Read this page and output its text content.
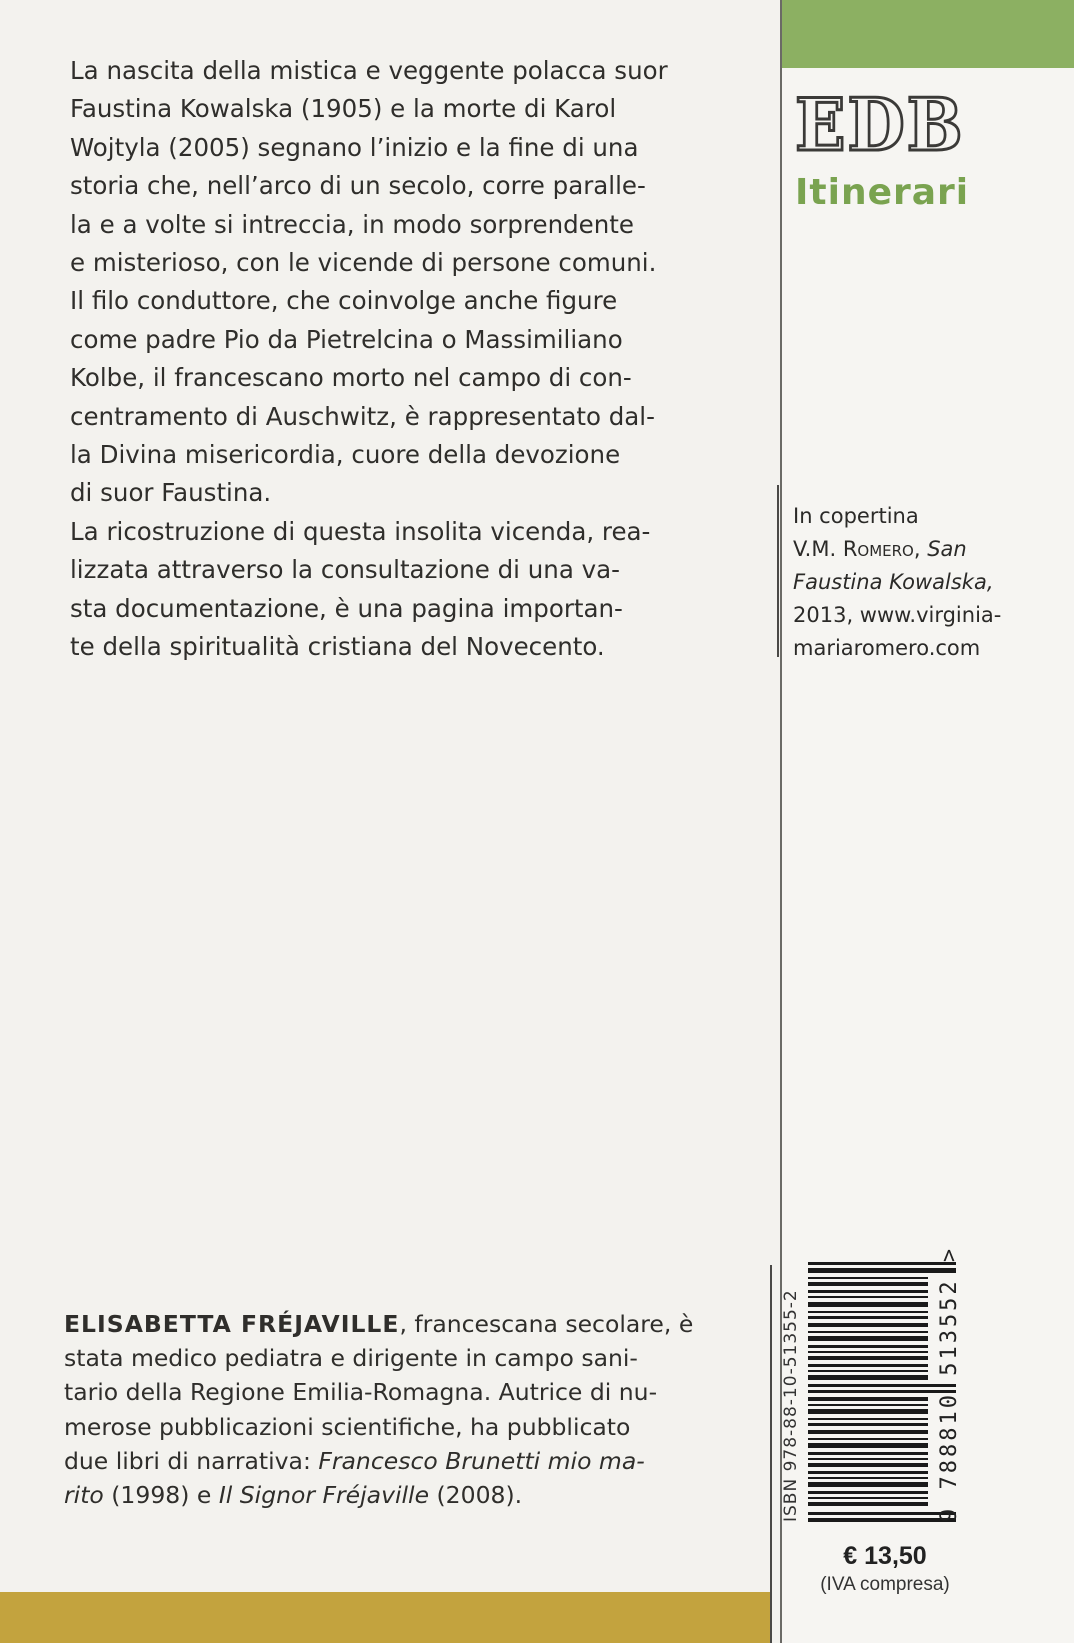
EDB
Itinerari
In copertina
V.M. Romero, San
Faustina Kowalska,
2013, www.virginia-
mariaromero.com
La nascita della mistica e veggente polacca suor
Faustina Kowalska (1905) e la morte di Karol
Wojtyla (2005) segnano l’inizio e la fine di una
storia che, nell’arco di un secolo, corre paralle-
la e a volte si intreccia, in modo sorprendente
e misterioso, con le vicende di persone comuni.
Il filo conduttore, che coinvolge anche figure
come padre Pio da Pietrelcina o Massimiliano
Kolbe, il francescano morto nel campo di con-
centramento di Auschwitz, è rappresentato dal-
la Divina misericordia, cuore della devozione
di suor Faustina.
La ricostruzione di questa insolita vicenda, rea-
lizzata attraverso la consultazione di una va-
sta documentazione, è una pagina importan-
te della spiritualità cristiana del Novecento.
ELISABETTA FRÉJAVILLE, francescana secolare, è
stata medico pediatra e dirigente in campo sani-
tario della Regione Emilia-Romagna. Autrice di nu-
merose pubblicazioni scientifiche, ha pubblicato
due libri di narrativa: Francesco Brunetti mio ma-
rito (1998) e Il Signor Fréjaville (2008).	ISBN 978-88-10-51355-2	9 788810 513552 >
€ 13,50
(IVA compresa)
